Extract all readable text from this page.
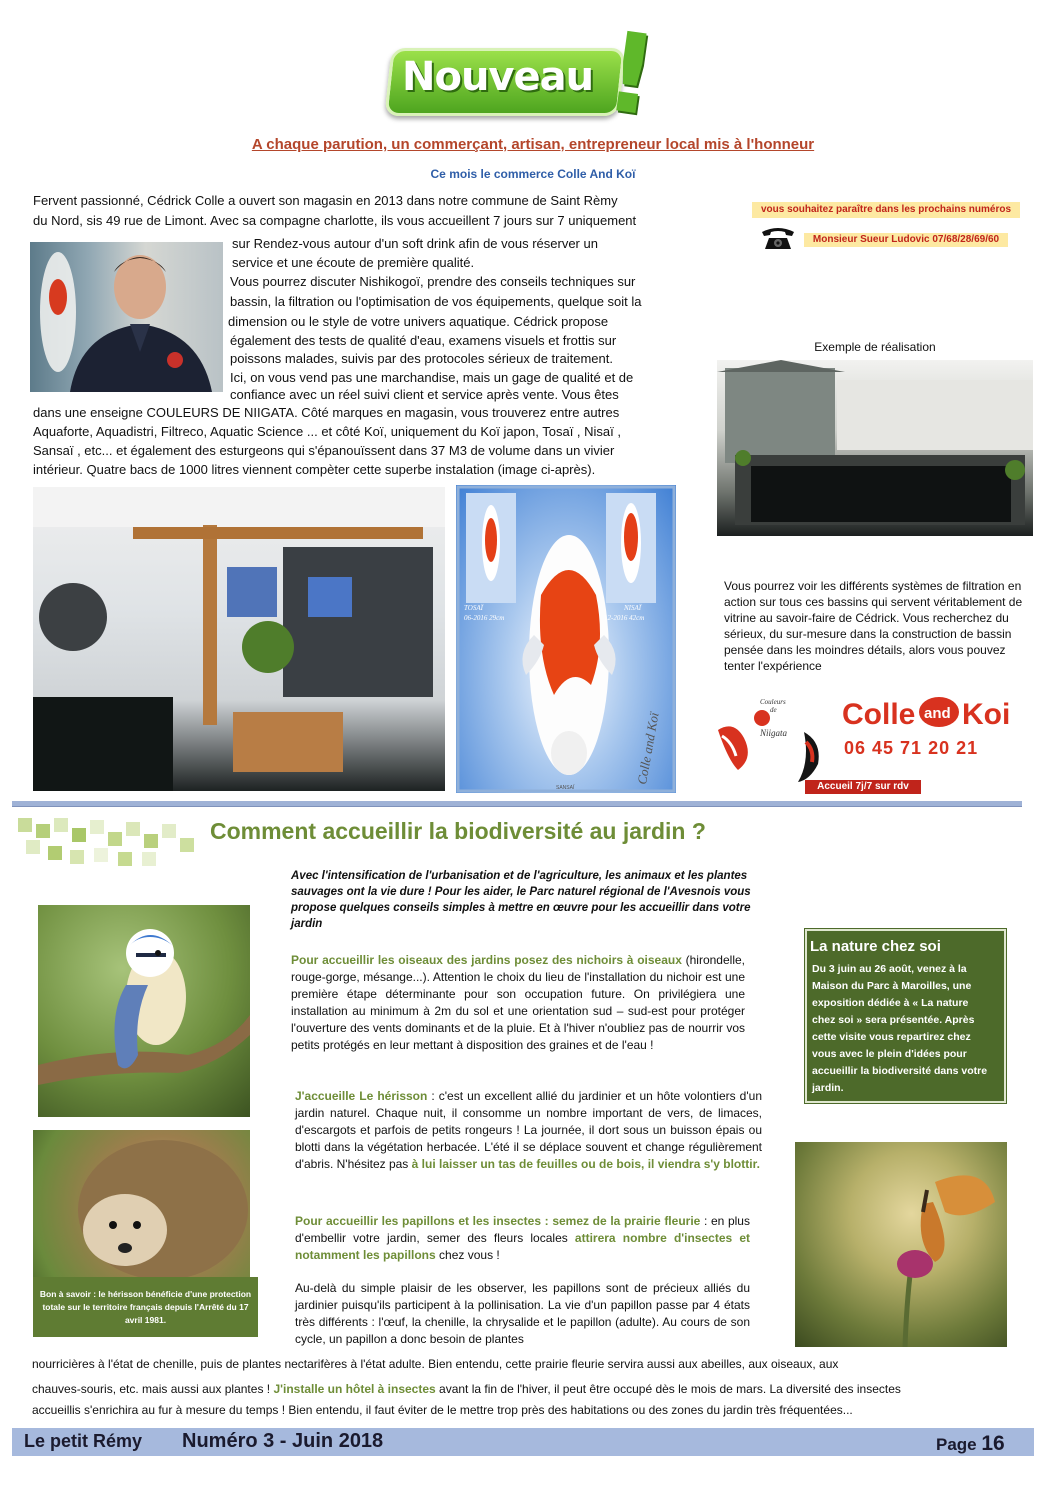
Nouveau !
A chaque parution, un commerçant, artisan, entrepreneur local mis à l'honneur
Ce mois le commerce Colle And Koï
Fervent passionné, Cédrick Colle a ouvert son magasin en 2013 dans notre commune de Saint Rèmy
du Nord, sis 49 rue de Limont. Avec sa compagne charlotte, ils vous accueillent 7 jours sur 7 uniquement
sur Rendez-vous autour d'un soft drink afin de vous réserver un
service et une écoute de première qualité.
Vous pourrez discuter Nishikogoï, prendre des conseils techniques sur
bassin, la filtration ou l'optimisation de vos équipements, quelque soit la
dimension ou le style de votre univers aquatique. Cédrick propose
également des tests de qualité d'eau, examens visuels et frottis sur
poissons malades, suivis par des protocoles sérieux de traitement.
Ici, on vous vend pas une marchandise, mais un gage de qualité et de
confiance avec un réel suivi client et service après vente. Vous êtes
dans une enseigne COULEURS DE NIIGATA. Côté marques en magasin, vous trouverez entre autres
Aquaforte, Aquadistri, Filtreco, Aquatic Science ... et côté Koï, uniquement du Koï japon, Tosaï , Nisaï ,
Sansaï , etc... et également des esturgeons qui s'épanouïssent dans 37 M3 de volume dans un vivier
intérieur. Quatre bacs de 1000 litres viennent compèter cette superbe instalation (image ci-après).
vous souhaitez paraître dans les prochains numéros
Monsieur Sueur Ludovic 07/68/28/69/60
Exemple de réalisation
Vous pourrez voir les différents systèmes de filtration en action sur tous ces bassins qui servent véritablement de vitrine au savoir-faire de Cédrick. Vous recherchez du sérieux, du sur-mesure dans la construction de bassin pensée dans les moindres détails, alors vous pouvez tenter l'expérience
Colle and Koi
06 45 71 20 21
Couleurs
de
Niigata
Accueil 7j/7 sur rdv
TOSAÏ
06-2016 29cm
NISAÏ
12-2016 42cm
Colle and Koï
SANSAÏ
Comment accueillir la biodiversité au jardin ?
Avec l'intensification de l'urbanisation et de l'agriculture, les animaux et les plantes sauvages ont la vie dure ! Pour les aider, le Parc naturel régional de l'Avesnois vous propose quelques conseils simples à mettre en œuvre pour les accueillir dans votre jardin
Bon à savoir : le hérisson bénéficie d'une protection totale sur le territoire français depuis l'Arrêté du 17 avril 1981.
Pour accueillir les oiseaux des jardins posez des nichoirs à oiseaux (hirondelle, rouge-gorge, mésange...). Attention le choix du lieu de l'installation du nichoir est une première étape déterminante pour son occupation future. On privilégiera une installation au minimum à 2m du sol et une orientation sud – sud-est pour protéger l'ouverture des vents dominants et de la pluie. Et à l'hiver n'oubliez pas de nourrir vos petits protégés en leur mettant à disposition des graines et de l'eau !
J'accueille Le hérisson : c'est un excellent allié du jardinier et un hôte volontiers d'un jardin naturel. Chaque nuit, il consomme un nombre important de vers, de limaces, d'escargots et parfois de petits rongeurs ! La journée, il dort sous un buisson épais ou blotti dans la végétation herbacée. L'été il se déplace souvent et change régulièrement d'abris. N'hésitez pas à lui laisser un tas de feuilles ou de bois, il viendra s'y blottir.
Pour accueillir les papillons et les insectes : semez de la prairie fleurie : en plus d'embellir votre jardin, semer des fleurs locales attirera nombre d'insectes et notamment les papillons chez vous !
Au-delà du simple plaisir de les observer, les papillons sont de précieux alliés du jardinier puisqu'ils participent à la pollinisation. La vie d'un papillon passe par 4 états très différents : l'œuf, la chenille, la chrysalide et le papillon (adulte). Au cours de son cycle, un papillon a donc besoin de plantes
nourricières à l'état de chenille, puis de plantes nectarifères à l'état adulte. Bien entendu, cette prairie fleurie servira aussi aux abeilles, aux oiseaux, aux
chauves-souris, etc. mais aussi aux plantes ! J'installe un hôtel à insectes avant la fin de l'hiver, il peut être occupé dès le mois de mars. La diversité des insectes
accueillis s'enrichira au fur à mesure du temps ! Bien entendu, il faut éviter de le mettre trop près des habitations ou des zones du jardin très fréquentées...
La nature chez soi
Du 3 juin au 26 août, venez à la Maison du Parc à Maroilles, une exposition dédiée à « La nature chez soi » sera présentée. Après cette visite vous repartirez chez vous avec le plein d'idées pour accueillir la biodiversité dans votre jardin.
Le petit Rémy Numéro 3 - Juin 2018	Page 16
